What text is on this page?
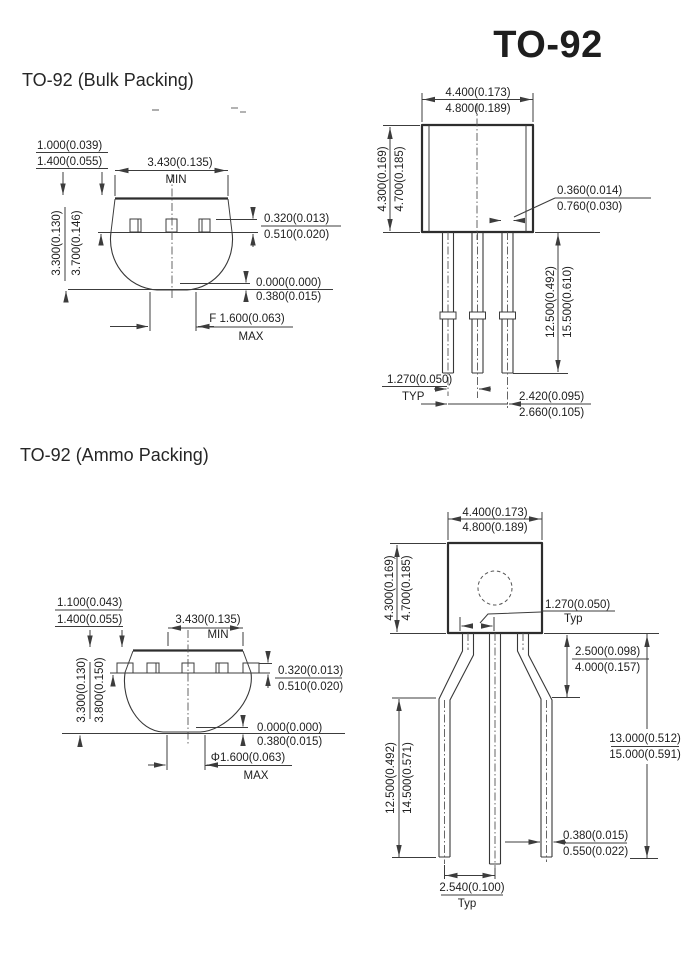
TO-92
TO-92 (Bulk Packing)
TO-92 (Ammo Packing)
1.000(0.039)
1.400(0.055)	3.430(0.135)
MIN
3.300(0.130) 3.700(0.146)	0.320(0.013)
0.510(0.020)
0.000(0.000)
0.380(0.015)
F 1.600(0.063)
MAX
4.400(0.173)
4.800(0.189)
4.300(0.169) 4.700(0.185)	0.360(0.014)
0.760(0.030)
12.500(0.492) 15.500(0.610)
1.270(0.050)
TYP	2.420(0.095)
2.660(0.105)
1.100(0.043)
1.400(0.055)	3.430(0.135)
MIN
3.300(0.130) 3.800(0.150)	0.320(0.013)
0.510(0.020)
0.000(0.000)
0.380(0.015)
Φ1.600(0.063)
MAX
4.400(0.173)
4.800(0.189)
4.300(0.169) 4.700(0.185)	1.270(0.050)
Typ
2.500(0.098)
4.000(0.157)
12.500(0.492) 14.500(0.571)
13.000(0.512)
15.000(0.591)
0.380(0.015)
0.550(0.022)
2.540(0.100)
Typ
